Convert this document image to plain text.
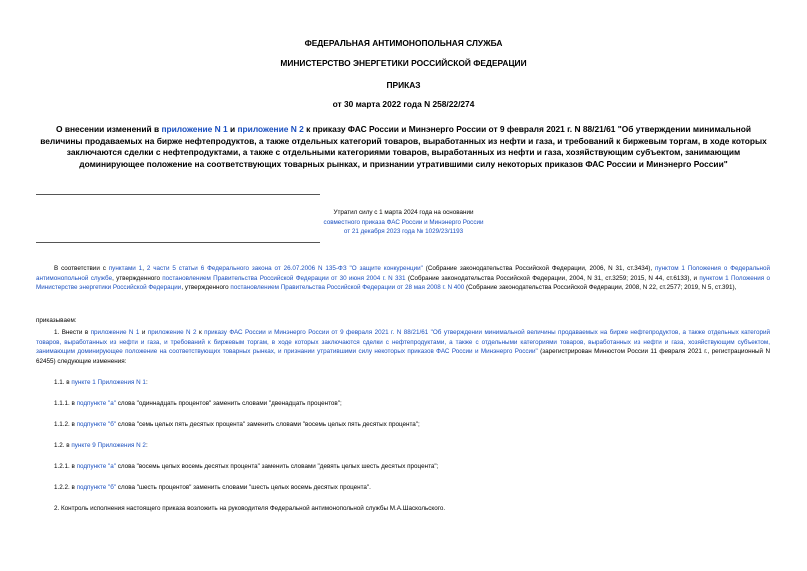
ФЕДЕРАЛЬНАЯ АНТИМОНОПОЛЬНАЯ СЛУЖБА
МИНИСТЕРСТВО ЭНЕРГЕТИКИ РОССИЙСКОЙ ФЕДЕРАЦИИ
ПРИКАЗ
от 30 марта 2022 года N 258/22/274
О внесении изменений в приложение N 1 и приложение N 2 к приказу ФАС России и Минэнерго России от 9 февраля 2021 г. N 88/21/61 "Об утверждении минимальной величины продаваемых на бирже нефтепродуктов, а также отдельных категорий товаров, выработанных из нефти и газа, и требований к биржевым торгам, в ходе которых заключаются сделки с нефтепродуктами, а также с отдельными категориями товаров, выработанных из нефти и газа, хозяйствующим субъектом, занимающим доминирующее положение на соответствующих товарных рынках, и признании утратившими силу некоторых приказов ФАС России и Минэнерго России"
Утратил силу с 1 марта 2024 года на основании
совместного приказа ФАС России и Минэнерго России
от 21 декабря 2023 года № 1029/23/1193
В соответствии с пунктами 1, 2 части 5 статьи 6 Федерального закона от 26.07.2006 N 135-ФЗ "О защите конкуренции" (Собрание законодательства Российской Федерации, 2006, N 31, ст.3434), пунктом 1 Положения о Федеральной антимонопольной службе, утвержденного постановлением Правительства Российской Федерации от 30 июня 2004 г. N 331 (Собрание законодательства Российской Федерации, 2004, N 31, ст.3259; 2015, N 44, ст.6133), и пунктом 1 Положения о Министерстве энергетики Российской Федерации, утвержденного постановлением Правительства Российской Федерации от 28 мая 2008 г. N 400 (Собрание законодательства Российской Федерации, 2008, N 22, ст.2577; 2019, N 5, ст.391),
приказываем:
1. Внести в приложение N 1 и приложение N 2 к приказу ФАС России и Минэнерго России от 9 февраля 2021 г. N 88/21/61 "Об утверждении минимальной величины продаваемых на бирже нефтепродуктов, а также отдельных категорий товаров, выработанных из нефти и газа, и требований к биржевым торгам, в ходе которых заключаются сделки с нефтепродуктами, а также с отдельными категориями товаров, выработанных из нефти и газа, хозяйствующим субъектом, занимающим доминирующее положение на соответствующих товарных рынках, и признании утратившими силу некоторых приказов ФАС России и Минэнерго России" (зарегистрирован Минюстом России 11 февраля 2021 г., регистрационный N 62455) следующие изменения:
1.1. в пункте 1 Приложения N 1:
1.1.1. в подпункте "а" слова "одиннадцать процентов" заменить словами "двенадцать процентов";
1.1.2. в подпункте "б" слова "семь целых пять десятых процента" заменить словами "восемь целых пять десятых процента";
1.2. в пункте 9 Приложения N 2:
1.2.1. в подпункте "а" слова "восемь целых восемь десятых процента" заменить словами "девять целых шесть десятых процента";
1.2.2. в подпункте "б" слова "шесть процентов" заменить словами "шесть целых восемь десятых процента".
2. Контроль исполнения настоящего приказа возложить на руководителя Федеральной антимонопольной службы М.А.Шаскольского.
